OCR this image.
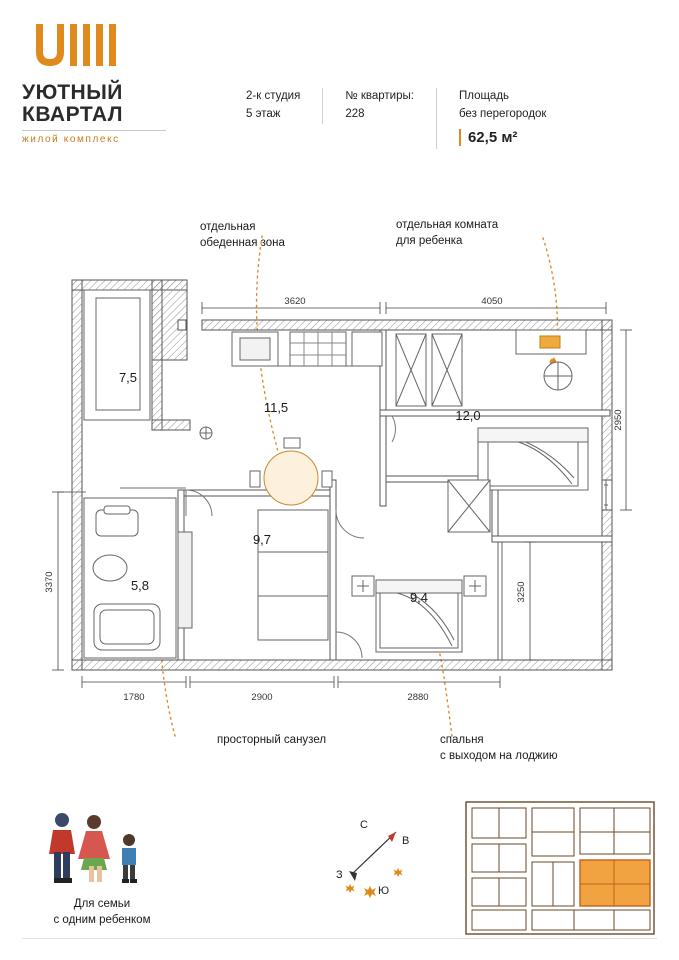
УЮТНЫЙ
КВАРТАЛ
жилой комплекс
2-к студия
5 этаж
№ квартиры:
228
Площадь
без перегородок
62,5 м²
отдельная
обеденная зона
отдельная комната
для ребенка
просторный санузел	спальня
с выходом на лоджию
3620	4050
2950
3250
3370
1780	2900	2880
7,5
11,5
12,0
9,7
5,8
9,4
Для семьи
с одним ребенком
С
В
Ю
З
